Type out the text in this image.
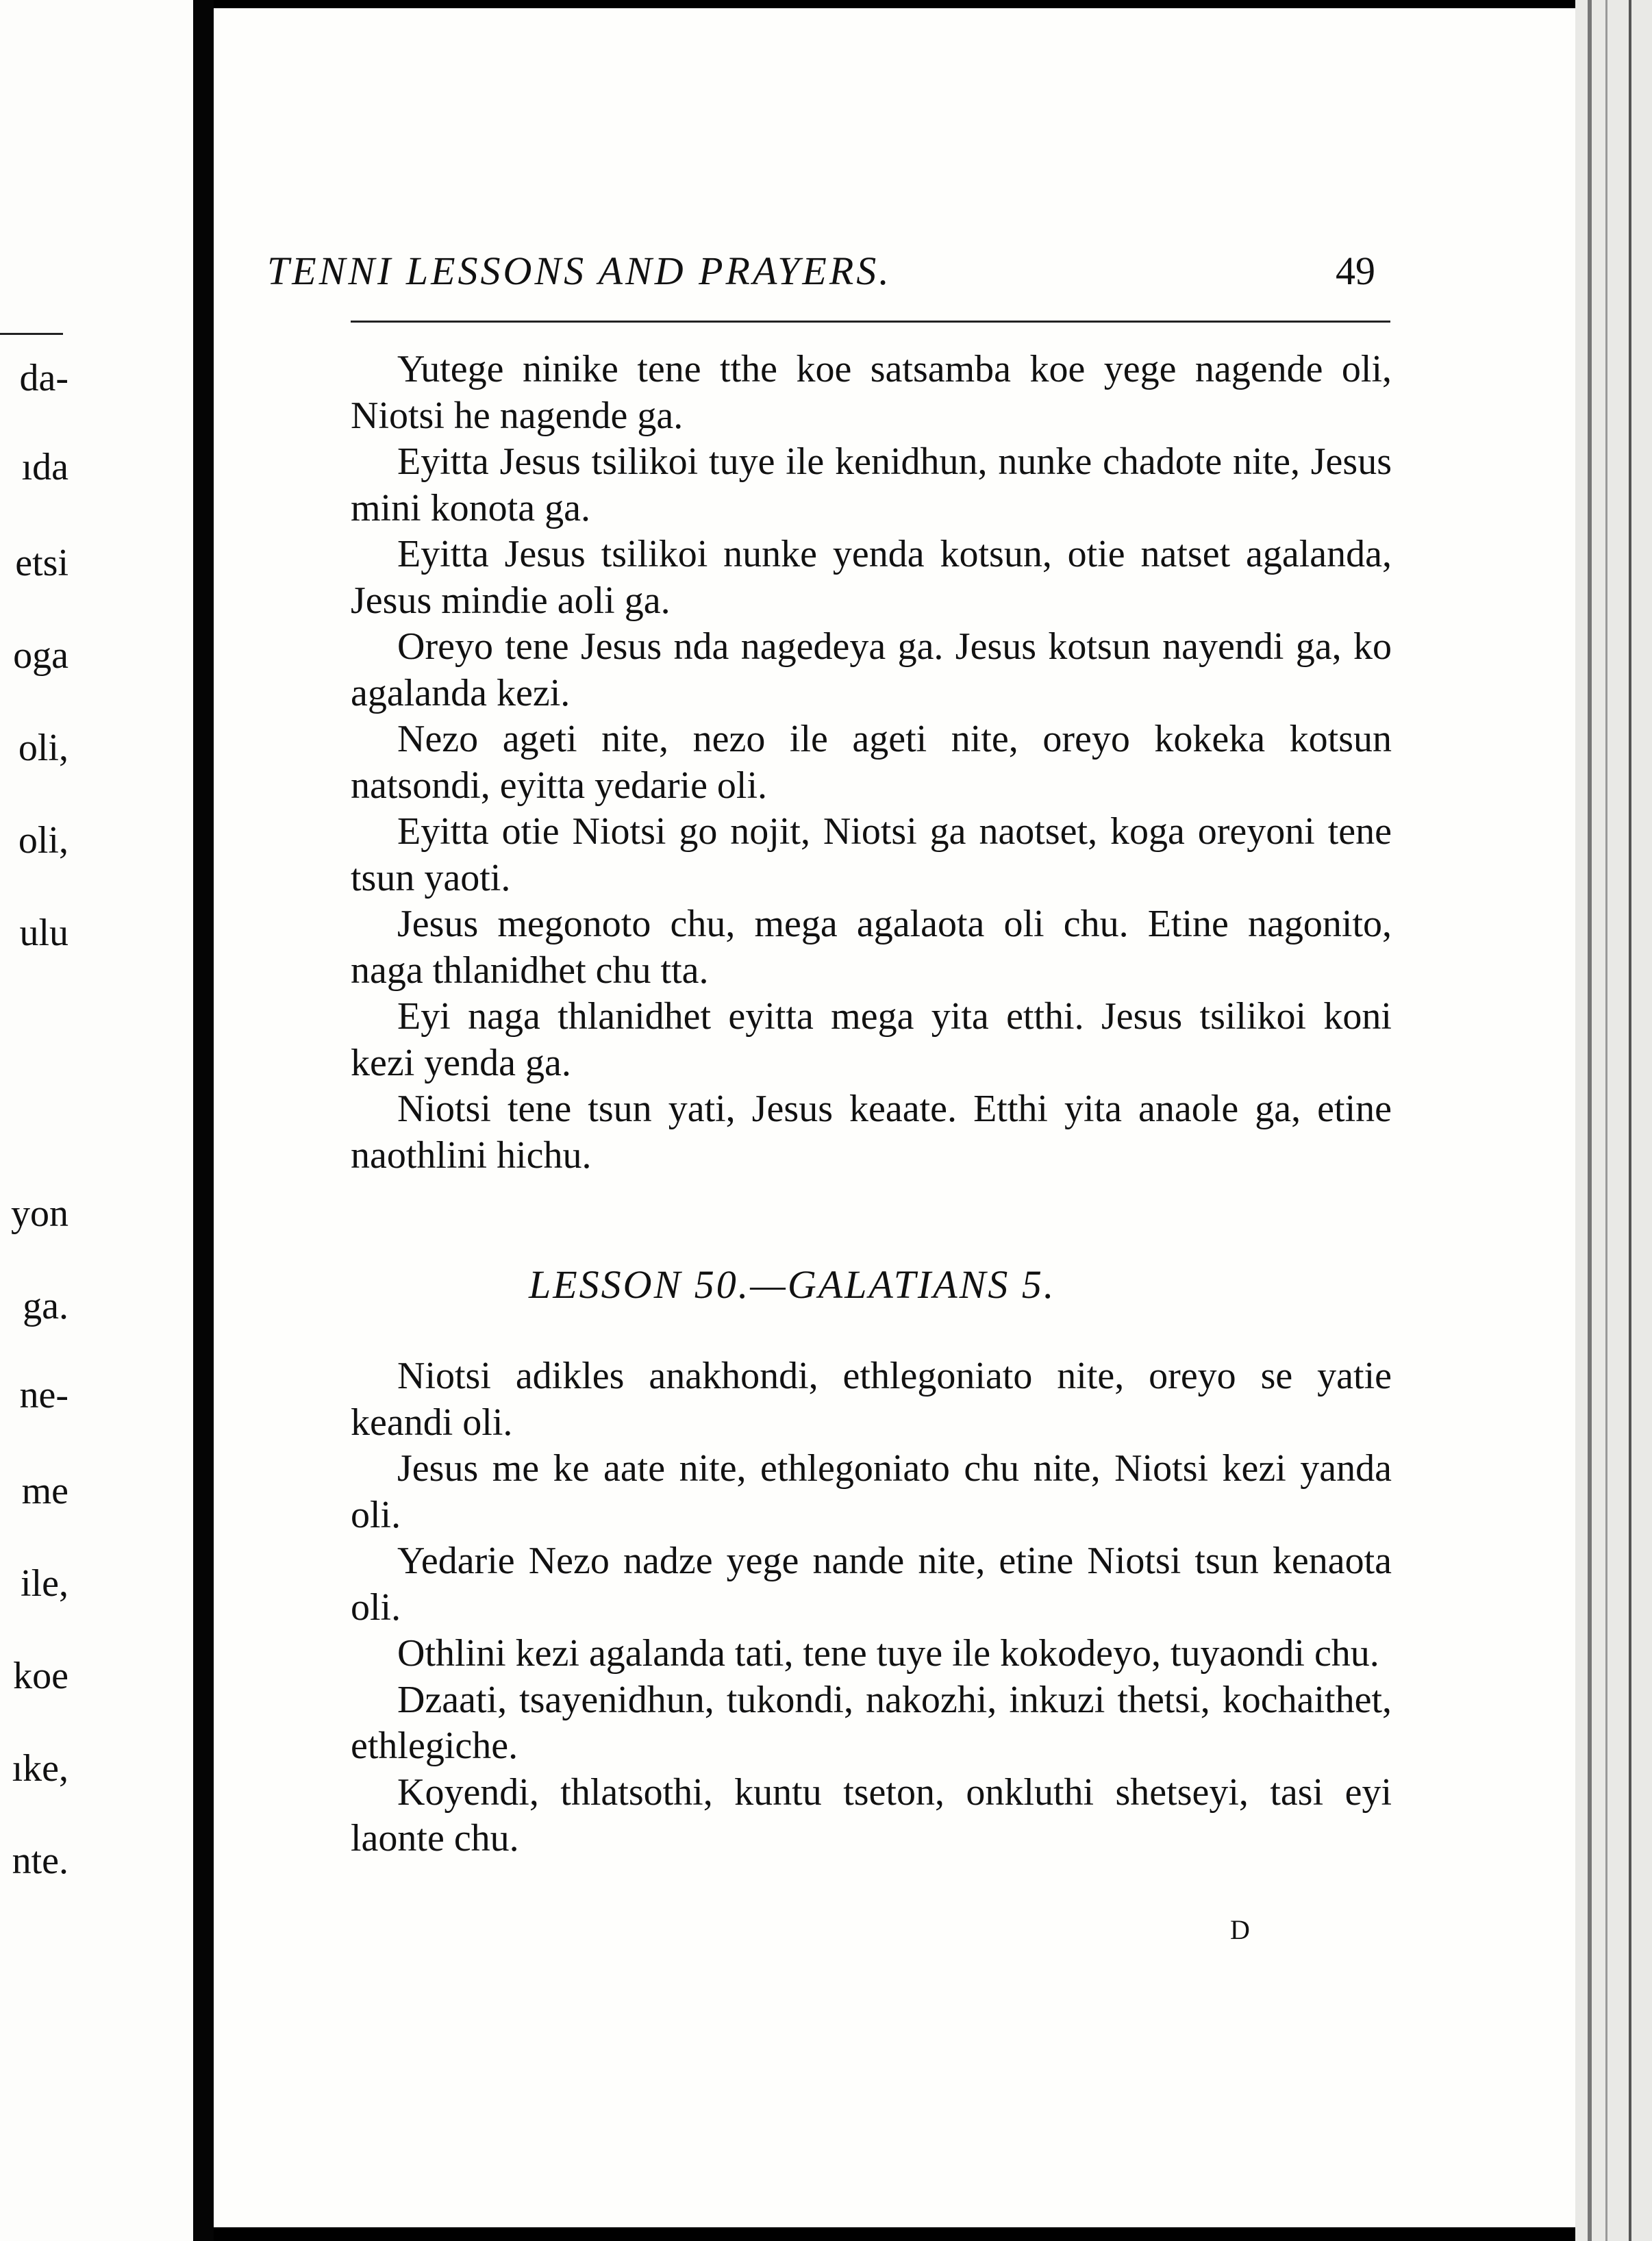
da-
ıda
etsi
oga
oli,
oli,
ulu
yon
ga.
ne-
me
ile,
koe
ıke,
nte.
TENNI LESSONS AND PRAYERS.	49

Yutege ninike tene tthe koe satsamba koe yege nagende oli, Niotsi he nagende ga.

Eyitta Jesus tsilikoi tuye ile kenidhun, nunke chadote nite, Jesus mini konota ga.

Eyitta Jesus tsilikoi nunke yenda kotsun, otie natset agalanda, Jesus mindie aoli ga.

Oreyo tene Jesus nda nagedeya ga. Jesus kotsun nayendi ga, ko agalanda kezi.

Nezo ageti nite, nezo ile ageti nite, oreyo kokeka kotsun natsondi, eyitta yedarie oli.

Eyitta otie Niotsi go nojit, Niotsi ga naotset, koga oreyoni tene tsun yaoti.

Jesus megonoto chu, mega agalaota oli chu. Etine nagonito, naga thlanidhet chu tta.

Eyi naga thlanidhet eyitta mega yita etthi. Jesus tsilikoi koni kezi yenda ga.

Niotsi tene tsun yati, Jesus keaate. Etthi yita anaole ga, etine naothlini hichu.

LESSON 50.—GALATIANS 5.

Niotsi adikles anakhondi, ethlegoniato nite, oreyo se yatie keandi oli.

Jesus me ke aate nite, ethlegoniato chu nite, Niotsi kezi yanda oli.

Yedarie Nezo nadze yege nande nite, etine Niotsi tsun kenaota oli.

Othlini kezi agalanda tati, tene tuye ile kokodeyo, tuyaondi chu.

Dzaati, tsayenidhun, tukondi, nakozhi, inkuzi thetsi, kochaithet, ethlegiche.

Koyendi, thlatsothi, kuntu tseton, onkluthi shetseyi, tasi eyi laonte chu.

D
